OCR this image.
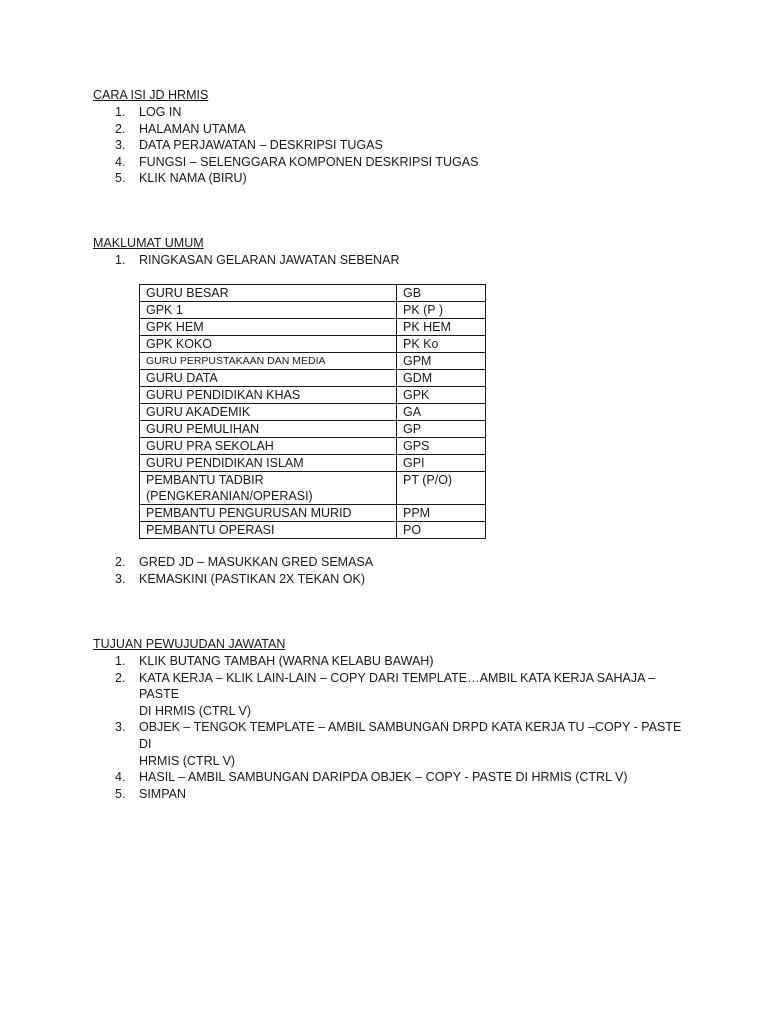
CARA ISI JD HRMIS

1. LOG IN
2. HALAMAN UTAMA
3. DATA PERJAWATAN – DESKRIPSI TUGAS
4. FUNGSI – SELENGGARA KOMPONEN DESKRIPSI TUGAS
5. KLIK NAMA (BIRU)

MAKLUMAT UMUM

1. RINGKASAN GELARAN JAWATAN SEBENAR
GURU BESAR	GB
GPK 1	PK (P )
GPK HEM	PK HEM
GPK KOKO	PK Ko
GURU PERPUSTAKAAN DAN MEDIA	GPM
GURU DATA	GDM
GURU PENDIDIKAN KHAS	GPK
GURU AKADEMIK	GA
GURU PEMULIHAN	GP
GURU PRA SEKOLAH	GPS
GURU PENDIDIKAN ISLAM	GPI

PEMBANTU TADBIR
(PENGKERANIAN/OPERASI)	PT (P/O)
PEMBANTU PENGURUSAN MURID	PPM
PEMBANTU OPERASI	PO
2. GRED JD – MASUKKAN GRED SEMASA
3. KEMASKINI (PASTIKAN 2X TEKAN OK)

TUJUAN PEWUJUDAN JAWATAN

1. KLIK BUTANG TAMBAH (WARNA KELABU BAWAH)
2. KATA KERJA – KLIK LAIN-LAIN – COPY DARI TEMPLATE…AMBIL KATA KERJA SAHAJA – PASTE
DI HRMIS (CTRL V)
3. OBJEK – TENGOK TEMPLATE – AMBIL SAMBUNGAN DRPD KATA KERJA TU –COPY - PASTE DI
HRMIS (CTRL V)
4. HASIL – AMBIL SAMBUNGAN DARIPDA OBJEK – COPY - PASTE DI HRMIS (CTRL V)
5. SIMPAN
